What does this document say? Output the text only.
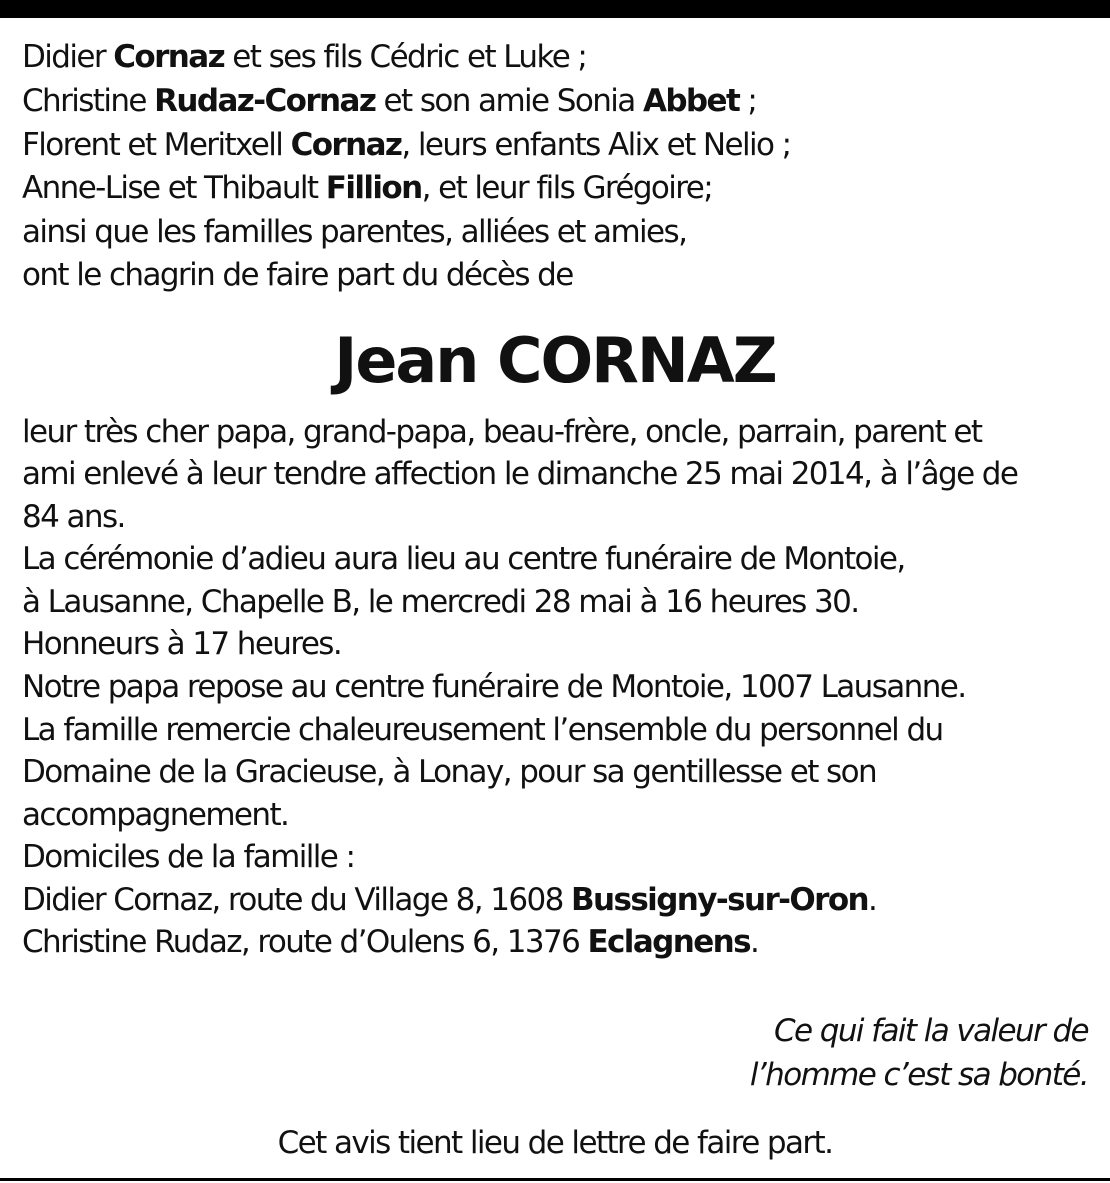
Didier Cornaz et ses fils Cédric et Luke ;
Christine Rudaz-Cornaz et son amie Sonia Abbet ;
Florent et Meritxell Cornaz, leurs enfants Alix et Nelio ;
Anne-Lise et Thibault Fillion, et leur fils Grégoire;
ainsi que les familles parentes, alliées et amies,
ont le chagrin de faire part du décès de
Jean CORNAZ
leur très cher papa, grand-papa, beau-frère, oncle, parrain, parent et
ami enlevé à leur tendre affection le dimanche 25 mai 2014, à l’âge de
84 ans.
La cérémonie d’adieu aura lieu au centre funéraire de Montoie,
à Lausanne, Chapelle B, le mercredi 28 mai à 16 heures 30.
Honneurs à 17 heures.
Notre papa repose au centre funéraire de Montoie, 1007 Lausanne.
La famille remercie chaleureusement l’ensemble du personnel du
Domaine de la Gracieuse, à Lonay, pour sa gentillesse et son
accompagnement.
Domiciles de la famille :
Didier Cornaz, route du Village 8, 1608 Bussigny-sur-Oron.
Christine Rudaz, route d’Oulens 6, 1376 Eclagnens.
Ce qui fait la valeur de
l’homme c’est sa bonté.
Cet avis tient lieu de lettre de faire part.
